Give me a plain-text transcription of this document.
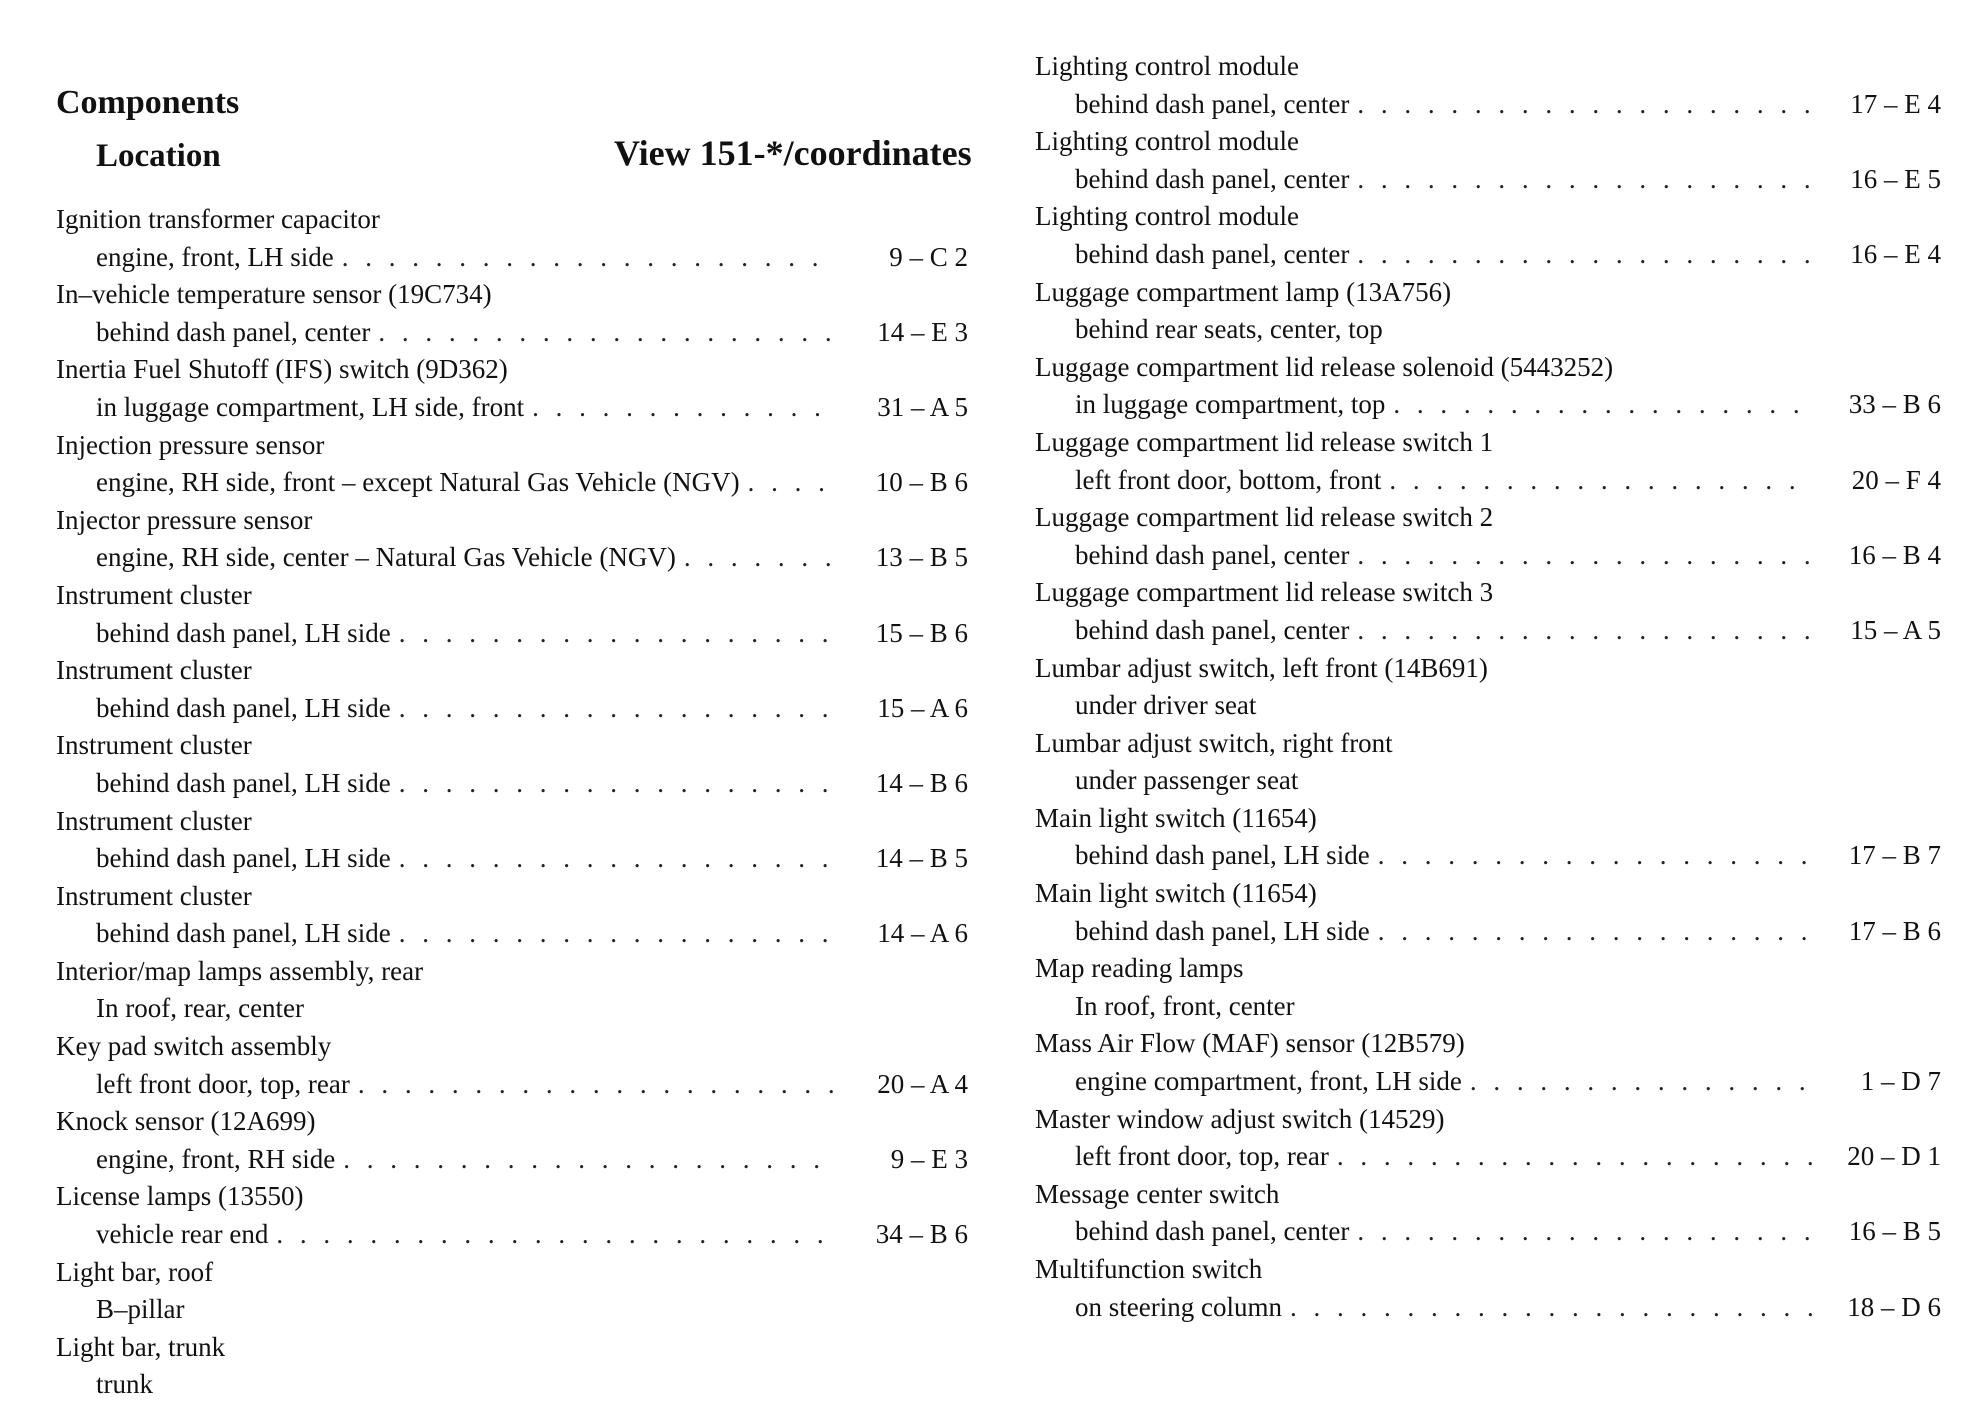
Components
Location	View 151-*/coordinates
Ignition transformer capacitor
engine, front, LH side . . .	9 – C 2
In–vehicle temperature sensor (19C734)
behind dash panel, center . . .	14 – E 3
Inertia Fuel Shutoff (IFS) switch (9D362)
in luggage compartment, LH side, front . . .	31 – A 5
Injection pressure sensor
engine, RH side, front – except Natural Gas Vehicle (NGV) . . .	10 – B 6
Injector pressure sensor
engine, RH side, center – Natural Gas Vehicle (NGV) . . .	13 – B 5
Instrument cluster
behind dash panel, LH side . . .	15 – B 6
Instrument cluster
behind dash panel, LH side . . .	15 – A 6
Instrument cluster
behind dash panel, LH side . . .	14 – B 6
Instrument cluster
behind dash panel, LH side . . .	14 – B 5
Instrument cluster
behind dash panel, LH side . . .	14 – A 6
Interior/map lamps assembly, rear
In roof, rear, center
Key pad switch assembly
left front door, top, rear . . .	20 – A 4
Knock sensor (12A699)
engine, front, RH side . . .	9 – E 3
License lamps (13550)
vehicle rear end . . .	34 – B 6
Light bar, roof
B–pillar
Light bar, trunk
trunk
Lighting control module
behind dash panel, center . . .	17 – E 4
Lighting control module
behind dash panel, center . . .	16 – E 5
Lighting control module
behind dash panel, center . . .	16 – E 4
Luggage compartment lamp (13A756)
behind rear seats, center, top
Luggage compartment lid release solenoid (5443252)
in luggage compartment, top . . .	33 – B 6
Luggage compartment lid release switch 1
left front door, bottom, front . . .	20 – F 4
Luggage compartment lid release switch 2
behind dash panel, center . . .	16 – B 4
Luggage compartment lid release switch 3
behind dash panel, center . . .	15 – A 5
Lumbar adjust switch, left front (14B691)
under driver seat
Lumbar adjust switch, right front
under passenger seat
Main light switch (11654)
behind dash panel, LH side . . .	17 – B 7
Main light switch (11654)
behind dash panel, LH side . . .	17 – B 6
Map reading lamps
In roof, front, center
Mass Air Flow (MAF) sensor (12B579)
engine compartment, front, LH side . . .	1 – D 7
Master window adjust switch (14529)
left front door, top, rear . . .	20 – D 1
Message center switch
behind dash panel, center . . .	16 – B 5
Multifunction switch
on steering column . . .	18 – D 6
